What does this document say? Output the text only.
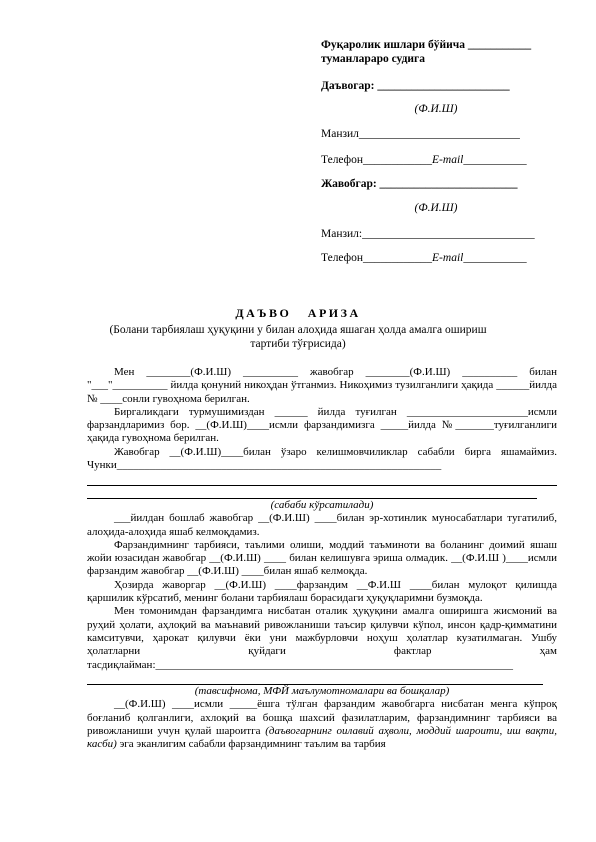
Фуқаролик ишлари бўйича ___________
туманлараро судига
Даъвогар: _______________________
(Ф.И.Ш)
Манзил____________________________
Телефон____________E-mail___________
Жавобгар: ________________________
(Ф.И.Ш)
Манзил:______________________________
Телефон____________E-mail___________
ДАЪВО   АРИЗА
(Болани тарбиялаш ҳуқуқини у билан алоҳида яшаган ҳолда амалга ошириш тартиби тўғрисида)

Мен ________(Ф.И.Ш) __________ жавобгар ________(Ф.И.Ш) __________ билан "___"__________ йилда қонуний никоҳдан ўтганмиз. Никоҳимиз тузилганлиги ҳақида ______йилда № ____сонли гувоҳнома берилган.

Биргаликдаги турмушимиздан ______ йилда туғилган ______________________исмли фарзандларимиз бор. __(Ф.И.Ш)____исмли фарзандимизга _____йилда №_______туғилганлиги ҳақида гувоҳнома берилган.

Жавобгар __(Ф.И.Ш)____билан ўзаро келишмовчиликлар сабабли бирга яшамаймиз. Чунки___________________________________________________________

(сабаби кўрсатилади)

___йилдан бошлаб жавобгар __(Ф.И.Ш) ____билан эр-хотинлик муносабатлари тугатилиб, алоҳида-алоҳида яшаб келмоқдамиз.

Фарзандимнинг тарбияси, таълими олиши, моддий таъминоти ва боланинг доимий яшаш жойи юзасидан жавобгар __(Ф.И.Ш) ____ билан келишувга эриша олмадик. __(Ф.И.Ш )____исмли фарзандим жавобгар __(Ф.И.Ш) ____билан яшаб келмоқда.

Ҳозирда жаворгар __(Ф.И.Ш) ____фарзандим __Ф.И.Ш ____билан мулоқот қилишда қаршилик кўрсатиб, менинг болани тарбиялаш борасидаги ҳуқуқларимни бузмоқда.

Мен томонимдан фарзандимга нисбатан оталик ҳуқуқини амалга оширишга жисмоний ва руҳий ҳолати, аҳлоқий ва маънавий ривожланиши таъсир қилувчи кўпол, инсон қадр-қимматини камситувчи, ҳарокат қилувчи ёки уни мажбурловчи ноҳуш ҳолатлар кузатилмаган. Ушбу ҳолатларни қуйдаги фактлар ҳам тасдиқлайман:_________________________________________________________________

(тавсифнома, МФЙ маълумотномалари ва бошқалар)

__(Ф.И.Ш) ____исмли _____ёшга тўлган фарзандим жавобгарга нисбатан менга кўпроқ боғланиб қолганлиги, ахлоқий ва бошқа шахсий фазилатларим, фарзандимнинг тарбияси ва ривожланиши учун қулай шароитга (даъвогарнинг оилавий аҳволи, моддий шароити, иш вақти, касби) эга эканлигим сабабли фарзандимнинг таълим ва тарбия
